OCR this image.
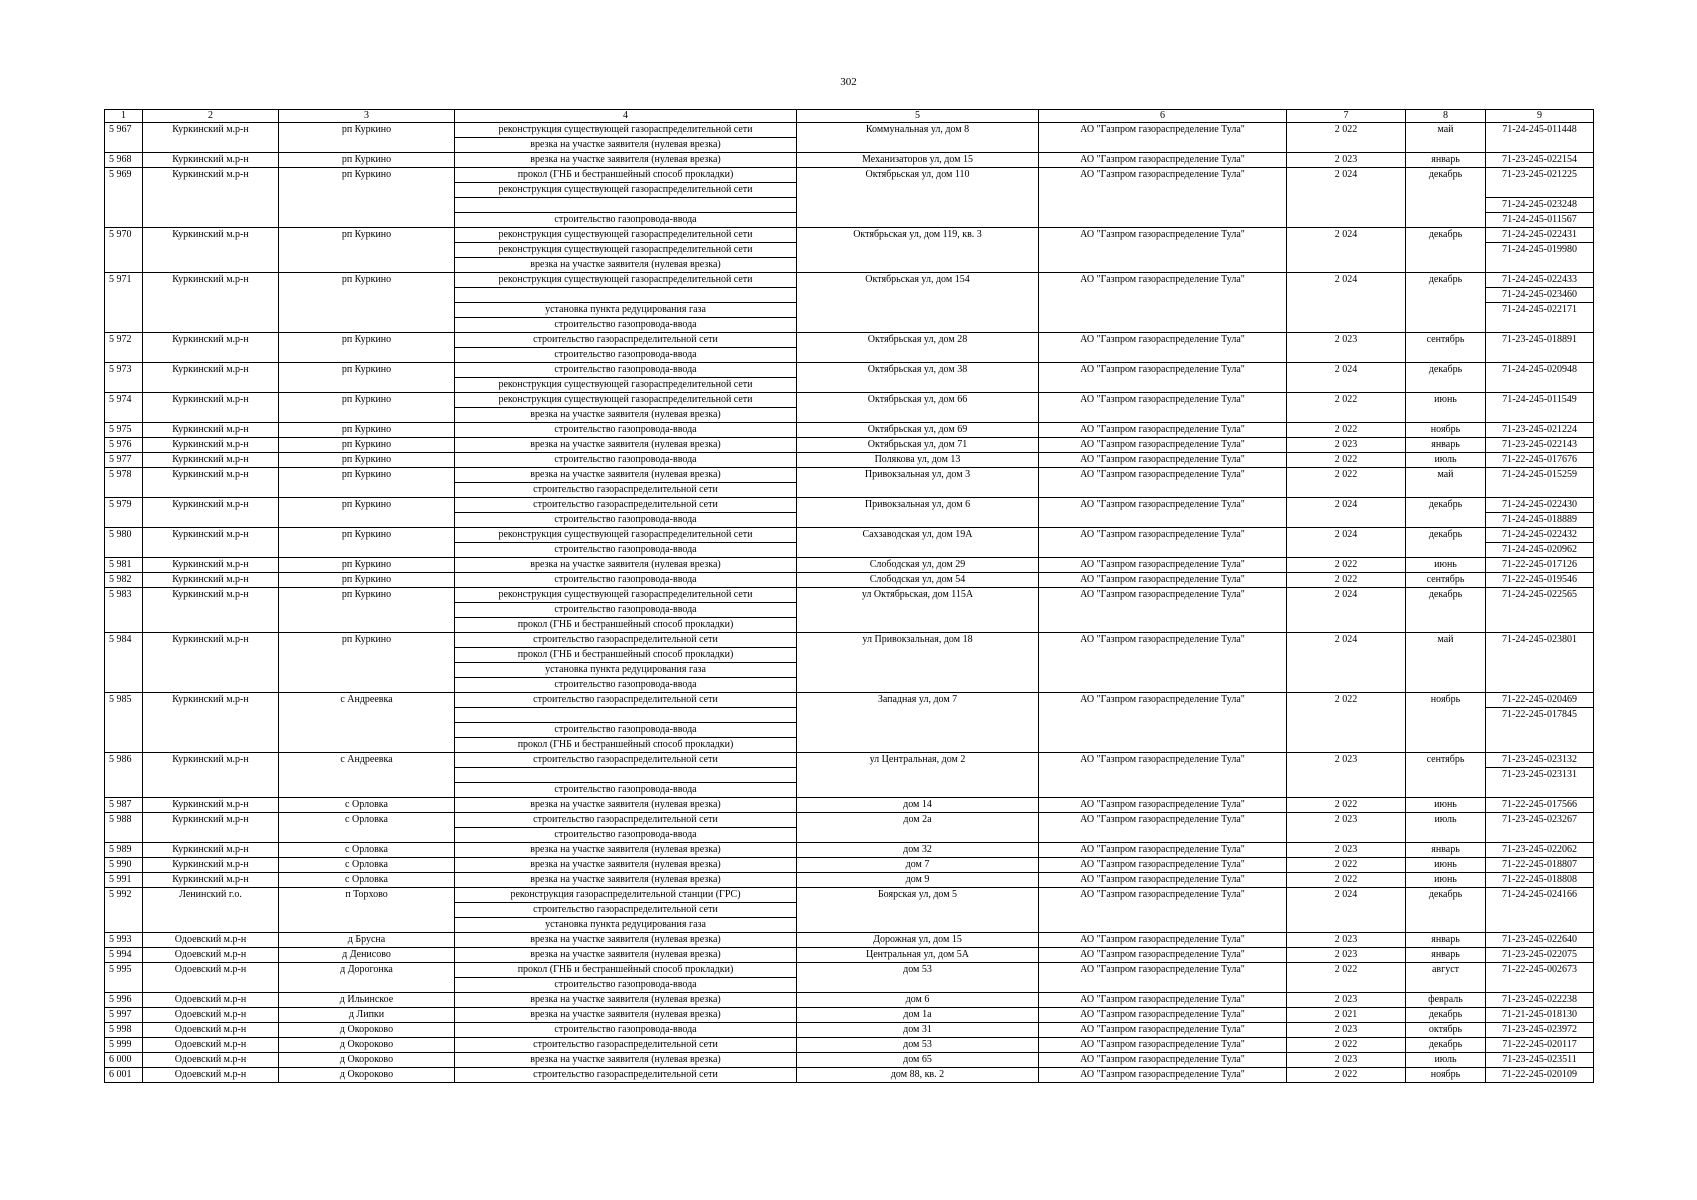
302
1	2	3	4	5	6	7	8	9
5 967	Куркинский м.р-н	рп Куркино	реконструкция существующей газораспределительной сети	Коммунальная ул, дом 8	АО "Газпром газораспределение Тула"	2 022	май	71-24-245-011448
			врезка на участке заявителя (нулевая врезка)					
5 968	Куркинский м.р-н	рп Куркино	врезка на участке заявителя (нулевая врезка)	Механизаторов ул, дом 15	АО "Газпром газораспределение Тула"	2 023	январь	71-23-245-022154
5 969	Куркинский м.р-н	рп Куркино	прокол (ГНБ и бестраншейный способ прокладки)	Октябрьская ул, дом 110	АО "Газпром газораспределение Тула"	2 024	декабрь	71-23-245-021225
			реконструкция существующей газораспределительной сети					
								71-24-245-023248
			строительство газопровода-ввода					71-24-245-011567
5 970	Куркинский м.р-н	рп Куркино	реконструкция существующей газораспределительной сети	Октябрьская ул, дом 119, кв. 3	АО "Газпром газораспределение Тула"	2 024	декабрь	71-24-245-022431
			реконструкция существующей газораспределительной сети					71-24-245-019980
			врезка на участке заявителя (нулевая врезка)					
5 971	Куркинский м.р-н	рп Куркино	реконструкция существующей газораспределительной сети	Октябрьская ул, дом 154	АО "Газпром газораспределение Тула"	2 024	декабрь	71-24-245-022433
								71-24-245-023460
			установка пункта редуцирования газа					71-24-245-022171
			строительство газопровода-ввода					
5 972	Куркинский м.р-н	рп Куркино	строительство газораспределительной сети	Октябрьская ул, дом 28	АО "Газпром газораспределение Тула"	2 023	сентябрь	71-23-245-018891
			строительство газопровода-ввода					
5 973	Куркинский м.р-н	рп Куркино	строительство газопровода-ввода	Октябрьская ул, дом 38	АО "Газпром газораспределение Тула"	2 024	декабрь	71-24-245-020948
			реконструкция существующей газораспределительной сети					
5 974	Куркинский м.р-н	рп Куркино	реконструкция существующей газораспределительной сети	Октябрьская ул, дом 66	АО "Газпром газораспределение Тула"	2 022	июнь	71-24-245-011549
			врезка на участке заявителя (нулевая врезка)					
5 975	Куркинский м.р-н	рп Куркино	строительство газопровода-ввода	Октябрьская ул, дом 69	АО "Газпром газораспределение Тула"	2 022	ноябрь	71-23-245-021224
5 976	Куркинский м.р-н	рп Куркино	врезка на участке заявителя (нулевая врезка)	Октябрьская ул, дом 71	АО "Газпром газораспределение Тула"	2 023	январь	71-23-245-022143
5 977	Куркинский м.р-н	рп Куркино	строительство газопровода-ввода	Полякова ул, дом 13	АО "Газпром газораспределение Тула"	2 022	июль	71-22-245-017676
5 978	Куркинский м.р-н	рп Куркино	врезка на участке заявителя (нулевая врезка)	Привокзальная ул, дом 3	АО "Газпром газораспределение Тула"	2 022	май	71-24-245-015259
			строительство газораспределительной сети					
5 979	Куркинский м.р-н	рп Куркино	строительство газораспределительной сети	Привокзальная ул, дом 6	АО "Газпром газораспределение Тула"	2 024	декабрь	71-24-245-022430
			строительство газопровода-ввода					71-24-245-018889
5 980	Куркинский м.р-н	рп Куркино	реконструкция существующей газораспределительной сети	Сахзаводская ул, дом 19А	АО "Газпром газораспределение Тула"	2 024	декабрь	71-24-245-022432
			строительство газопровода-ввода					71-24-245-020962
5 981	Куркинский м.р-н	рп Куркино	врезка на участке заявителя (нулевая врезка)	Слободская ул, дом 29	АО "Газпром газораспределение Тула"	2 022	июнь	71-22-245-017126
5 982	Куркинский м.р-н	рп Куркино	строительство газопровода-ввода	Слободская ул, дом 54	АО "Газпром газораспределение Тула"	2 022	сентябрь	71-22-245-019546
5 983	Куркинский м.р-н	рп Куркино	реконструкция существующей газораспределительной сети	ул Октябрьская, дом 115А	АО "Газпром газораспределение Тула"	2 024	декабрь	71-24-245-022565
			строительство газопровода-ввода					
			прокол (ГНБ и бестраншейный способ прокладки)					
5 984	Куркинский м.р-н	рп Куркино	строительство газораспределительной сети	ул Привокзальная, дом 18	АО "Газпром газораспределение Тула"	2 024	май	71-24-245-023801
			прокол (ГНБ и бестраншейный способ прокладки)					
			установка пункта редуцирования газа					
			строительство газопровода-ввода					
5 985	Куркинский м.р-н	с Андреевка	строительство газораспределительной сети	Западная ул, дом 7	АО "Газпром газораспределение Тула"	2 022	ноябрь	71-22-245-020469
								71-22-245-017845
			строительство газопровода-ввода					
			прокол (ГНБ и бестраншейный способ прокладки)					
5 986	Куркинский м.р-н	с Андреевка	строительство газораспределительной сети	ул Центральная, дом 2	АО "Газпром газораспределение Тула"	2 023	сентябрь	71-23-245-023132
								71-23-245-023131
			строительство газопровода-ввода					
5 987	Куркинский м.р-н	с Орловка	врезка на участке заявителя (нулевая врезка)	дом 14	АО "Газпром газораспределение Тула"	2 022	июнь	71-22-245-017566
5 988	Куркинский м.р-н	с Орловка	строительство газораспределительной сети	дом 2а	АО "Газпром газораспределение Тула"	2 023	июль	71-23-245-023267
			строительство газопровода-ввода					
5 989	Куркинский м.р-н	с Орловка	врезка на участке заявителя (нулевая врезка)	дом 32	АО "Газпром газораспределение Тула"	2 023	январь	71-23-245-022062
5 990	Куркинский м.р-н	с Орловка	врезка на участке заявителя (нулевая врезка)	дом 7	АО "Газпром газораспределение Тула"	2 022	июнь	71-22-245-018807
5 991	Куркинский м.р-н	с Орловка	врезка на участке заявителя (нулевая врезка)	дом 9	АО "Газпром газораспределение Тула"	2 022	июнь	71-22-245-018808
5 992	Ленинский г.о.	п Торхово	реконструкция газораспределительной станции (ГРС)	Боярская ул, дом 5	АО "Газпром газораспределение Тула"	2 024	декабрь	71-24-245-024166
			строительство газораспределительной сети					
			установка пункта редуцирования газа					
5 993	Одоевский м.р-н	д Брусна	врезка на участке заявителя (нулевая врезка)	Дорожная ул, дом 15	АО "Газпром газораспределение Тула"	2 023	январь	71-23-245-022640
5 994	Одоевский м.р-н	д Денисово	врезка на участке заявителя (нулевая врезка)	Центральная ул, дом 5А	АО "Газпром газораспределение Тула"	2 023	январь	71-23-245-022075
5 995	Одоевский м.р-н	д Дорогонка	прокол (ГНБ и бестраншейный способ прокладки)	дом 53	АО "Газпром газораспределение Тула"	2 022	август	71-22-245-002673
			строительство газопровода-ввода					
5 996	Одоевский м.р-н	д Ильинское	врезка на участке заявителя (нулевая врезка)	дом 6	АО "Газпром газораспределение Тула"	2 023	февраль	71-23-245-022238
5 997	Одоевский м.р-н	д Липки	врезка на участке заявителя (нулевая врезка)	дом 1а	АО "Газпром газораспределение Тула"	2 021	декабрь	71-21-245-018130
5 998	Одоевский м.р-н	д Окороково	строительство газопровода-ввода	дом 31	АО "Газпром газораспределение Тула"	2 023	октябрь	71-23-245-023972
5 999	Одоевский м.р-н	д Окороково	строительство газораспределительной сети	дом 53	АО "Газпром газораспределение Тула"	2 022	декабрь	71-22-245-020117
6 000	Одоевский м.р-н	д Окороково	врезка на участке заявителя (нулевая врезка)	дом 65	АО "Газпром газораспределение Тула"	2 023	июль	71-23-245-023511
6 001	Одоевский м.р-н	д Окороково	строительство газораспределительной сети	дом 88, кв. 2	АО "Газпром газораспределение Тула"	2 022	ноябрь	71-22-245-020109
